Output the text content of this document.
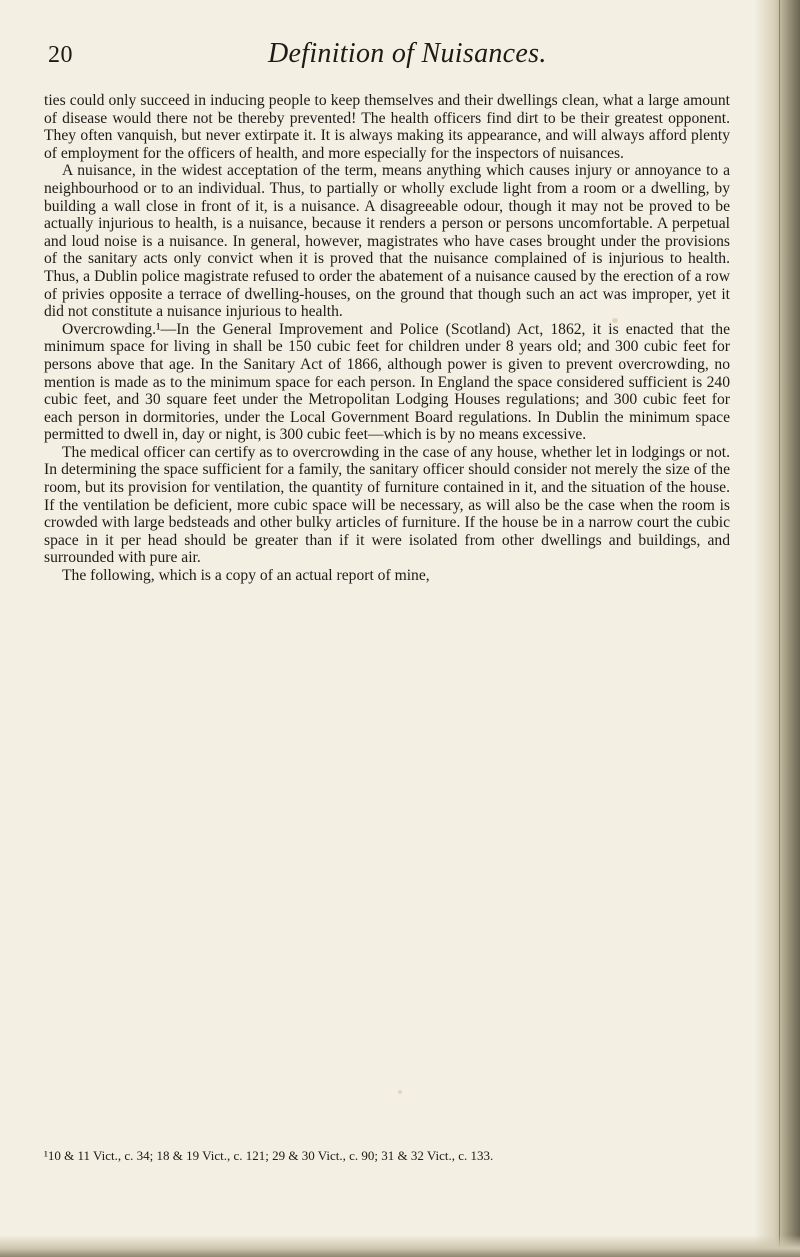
20	Definition of Nuisances.

ties could only succeed in inducing people to keep themselves and their dwellings clean, what a large amount of disease would there not be thereby prevented! The health officers find dirt to be their greatest opponent. They often vanquish, but never extirpate it. It is always making its appearance, and will always afford plenty of employment for the officers of health, and more especially for the inspectors of nuisances.

A nuisance, in the widest acceptation of the term, means anything which causes injury or annoyance to a neighbourhood or to an individual. Thus, to partially or wholly exclude light from a room or a dwelling, by building a wall close in front of it, is a nuisance. A disagreeable odour, though it may not be proved to be actually injurious to health, is a nuisance, because it renders a person or persons uncomfortable. A perpetual and loud noise is a nuisance. In general, however, magistrates who have cases brought under the provisions of the sanitary acts only convict when it is proved that the nuisance complained of is injurious to health. Thus, a Dublin police magistrate refused to order the abatement of a nuisance caused by the erection of a row of privies opposite a terrace of dwelling-houses, on the ground that though such an act was improper, yet it did not constitute a nuisance injurious to health.

Overcrowding.¹—In the General Improvement and Police (Scotland) Act, 1862, it is enacted that the minimum space for living in shall be 150 cubic feet for children under 8 years old; and 300 cubic feet for persons above that age. In the Sanitary Act of 1866, although power is given to prevent overcrowding, no mention is made as to the minimum space for each person. In England the space considered sufficient is 240 cubic feet, and 30 square feet under the Metropolitan Lodging Houses regulations; and 300 cubic feet for each person in dormitories, under the Local Government Board regulations. In Dublin the minimum space permitted to dwell in, day or night, is 300 cubic feet—which is by no means excessive.

The medical officer can certify as to overcrowding in the case of any house, whether let in lodgings or not. In determining the space sufficient for a family, the sanitary officer should consider not merely the size of the room, but its provision for ventilation, the quantity of furniture contained in it, and the situation of the house. If the ventilation be deficient, more cubic space will be necessary, as will also be the case when the room is crowded with large bedsteads and other bulky articles of furniture. If the house be in a narrow court the cubic space in it per head should be greater than if it were isolated from other dwellings and buildings, and surrounded with pure air.

The following, which is a copy of an actual report of mine,

¹10 & 11 Vict., c. 34; 18 & 19 Vict., c. 121; 29 & 30 Vict., c. 90; 31 & 32 Vict., c. 133.
